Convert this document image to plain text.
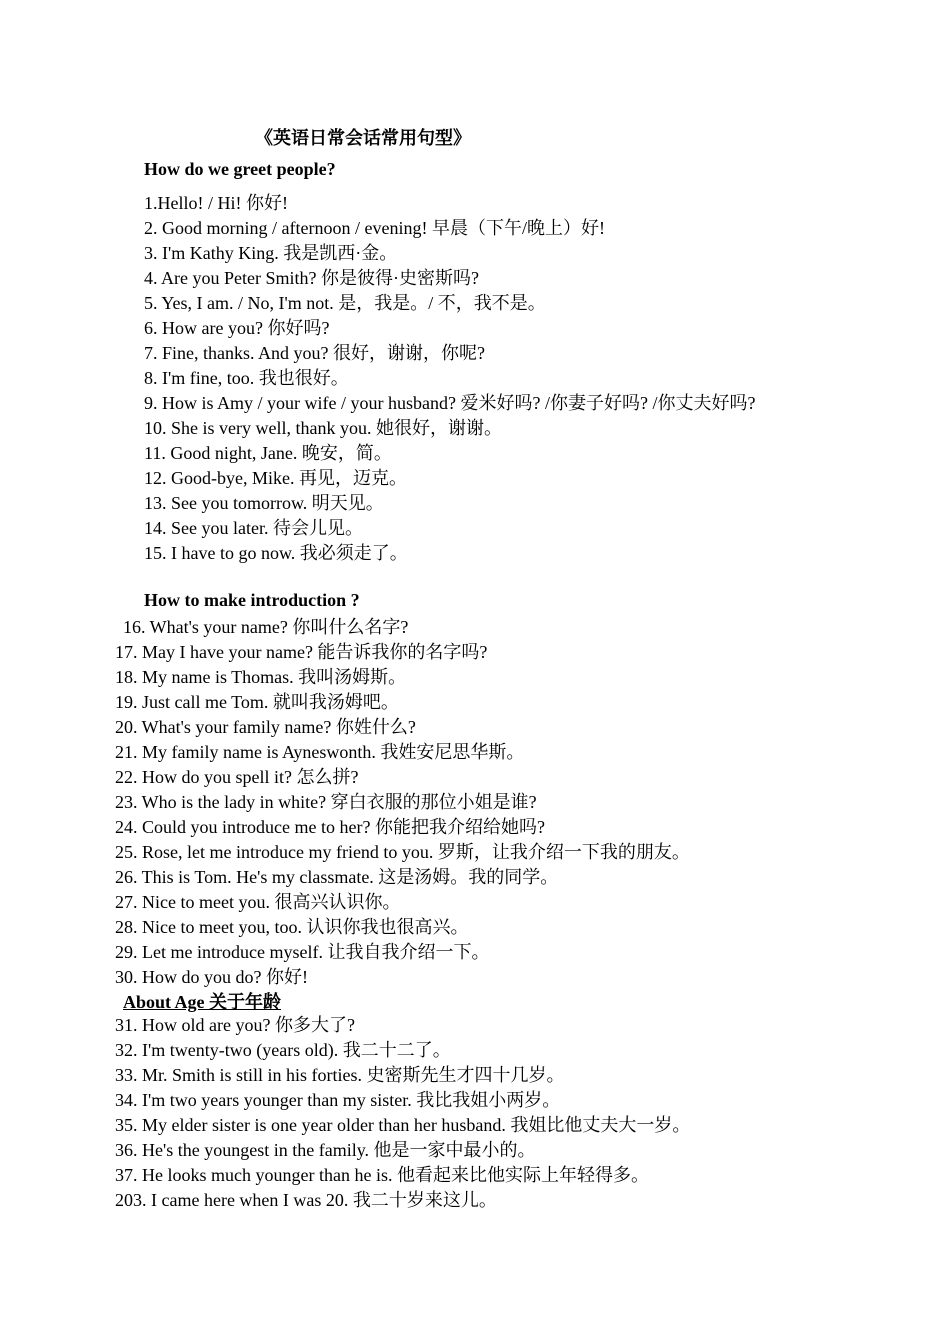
《英语日常会话常用句型》
How do we greet people?
How to make introduction ?
About Age 关于年龄
1.Hello! / Hi! 你好!
2. Good morning / afternoon / evening! 早晨（下午/晚上）好!
3. I'm Kathy King. 我是凯西·金。
4. Are you Peter Smith? 你是彼得·史密斯吗?
5. Yes, I am. / No, I'm not. 是，我是。/ 不，我不是。
6. How are you? 你好吗?
7. Fine, thanks. And you? 很好，谢谢，你呢?
8. I'm fine, too. 我也很好。
9. How is Amy / your wife / your husband? 爱米好吗? /你妻子好吗? /你丈夫好吗?
10. She is very well, thank you. 她很好，谢谢。
11. Good night, Jane. 晚安，简。
12. Good-bye, Mike. 再见，迈克。
13. See you tomorrow. 明天见。
14. See you later. 待会儿见。
15. I have to go now. 我必须走了。
16. What's your name? 你叫什么名字?
17. May I have your name? 能告诉我你的名字吗?
18. My name is Thomas. 我叫汤姆斯。
19. Just call me Tom. 就叫我汤姆吧。
20. What's your family name? 你姓什么?
21. My family name is Ayneswonth. 我姓安尼思华斯。
22. How do you spell it? 怎么拼?
23. Who is the lady in white? 穿白衣服的那位小姐是谁?
24. Could you introduce me to her? 你能把我介绍给她吗?
25. Rose, let me introduce my friend to you. 罗斯，让我介绍一下我的朋友。
26. This is Tom. He's my classmate. 这是汤姆。我的同学。
27. Nice to meet you. 很高兴认识你。
28. Nice to meet you, too. 认识你我也很高兴。
29. Let me introduce myself. 让我自我介绍一下。
30. How do you do? 你好!
31. How old are you? 你多大了?
32. I'm twenty-two (years old). 我二十二了。
33. Mr. Smith is still in his forties. 史密斯先生才四十几岁。
34. I'm two years younger than my sister. 我比我姐小两岁。
35. My elder sister is one year older than her husband. 我姐比他丈夫大一岁。
36. He's the youngest in the family. 他是一家中最小的。
37. He looks much younger than he is. 他看起来比他实际上年轻得多。
203. I came here when I was 20. 我二十岁来这儿。
